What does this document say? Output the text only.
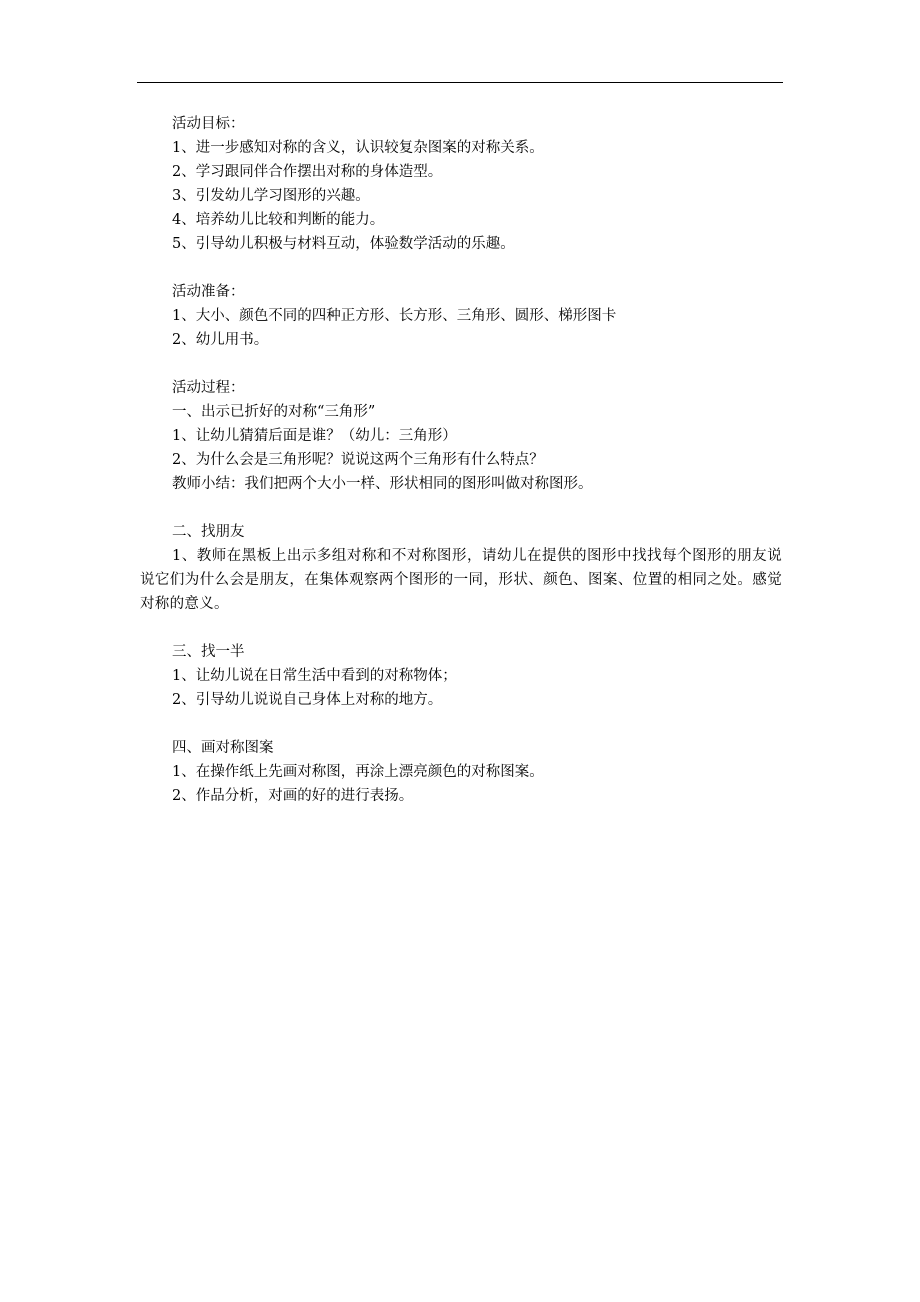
活动目标：

1、进一步感知对称的含义，认识较复杂图案的对称关系。

2、学习跟同伴合作摆出对称的身体造型。

3、引发幼儿学习图形的兴趣。

4、培养幼儿比较和判断的能力。

5、引导幼儿积极与材料互动，体验数学活动的乐趣。

活动准备：

1、大小、颜色不同的四种正方形、长方形、三角形、圆形、梯形图卡

2、幼儿用书。

活动过程：

一、出示已折好的对称“三角形”

1、让幼儿猜猜后面是谁？（幼儿：三角形）

2、为什么会是三角形呢？说说这两个三角形有什么特点？

教师小结：我们把两个大小一样、形状相同的图形叫做对称图形。

二、找朋友

1、教师在黑板上出示多组对称和不对称图形，请幼儿在提供的图形中找找每个图形的朋友说说它们为什么会是朋友，在集体观察两个图形的一同，形状、颜色、图案、位置的相同之处。感觉对称的意义。

三、找一半

1、让幼儿说在日常生活中看到的对称物体；

2、引导幼儿说说自己身体上对称的地方。

四、画对称图案

1、在操作纸上先画对称图，再涂上漂亮颜色的对称图案。

2、作品分析，对画的好的进行表扬。
